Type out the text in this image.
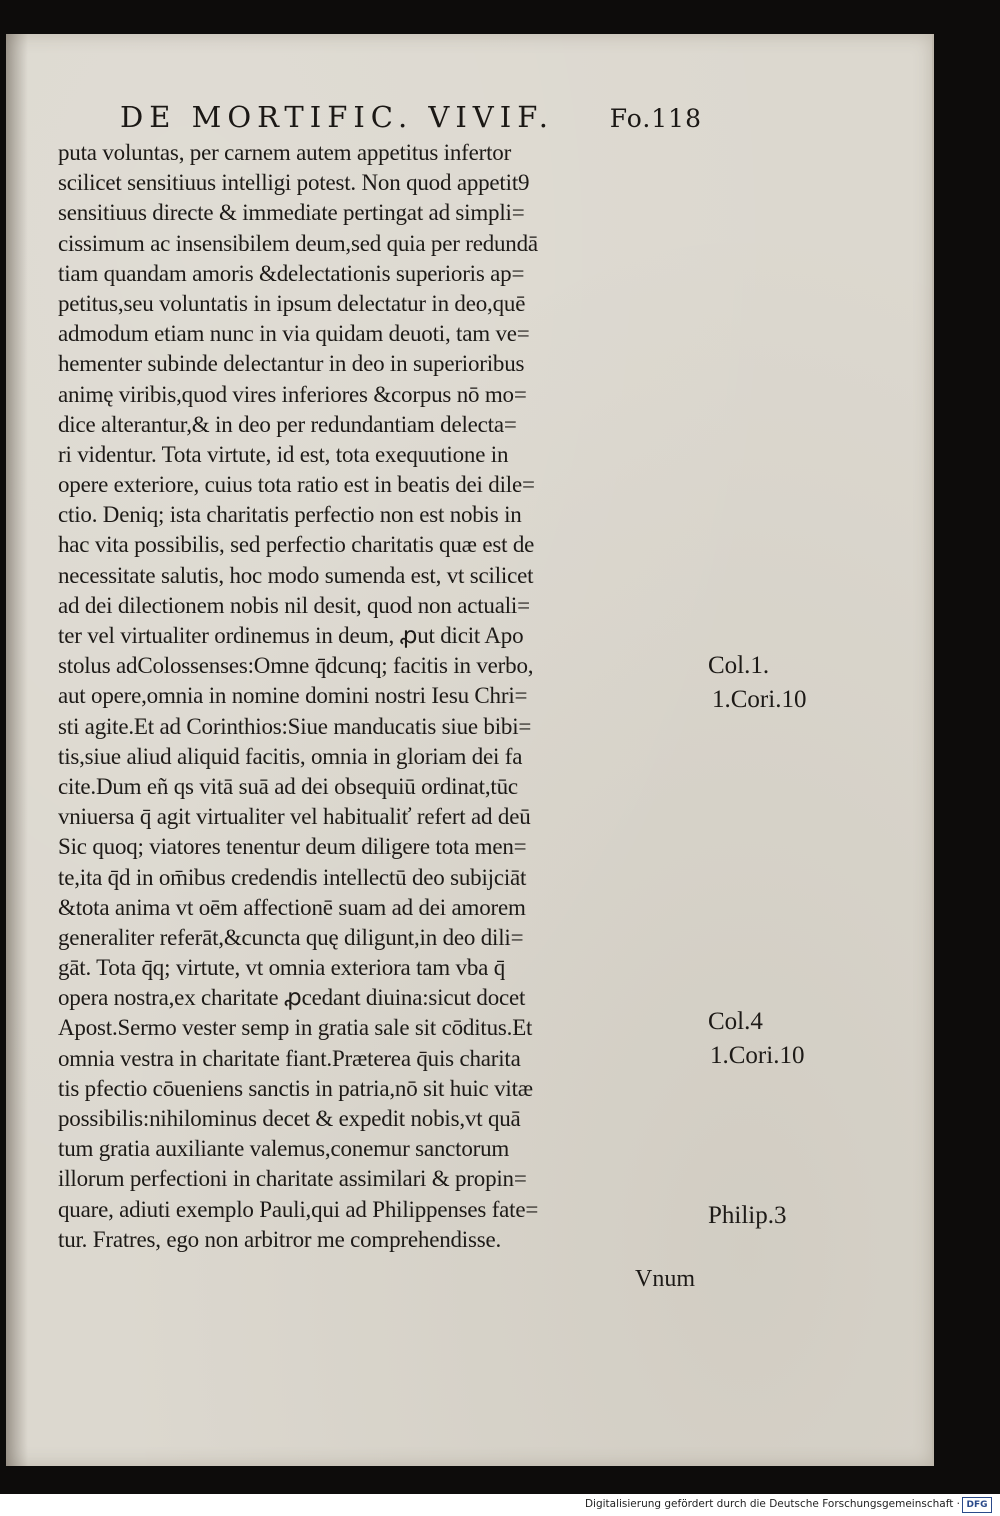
DE MORTIFIC. VIVIF. Fo.118
puta voluntas, per carnem autem appetitus infertor
scilicet sensitiuus intelligi potest. Non quod appetit9
sensitiuus directe & immediate pertingat ad simpli=
cissimum ac insensibilem deum,sed quia per redundā
tiam quandam amoris &delectationis superioris ap=
petitus,seu voluntatis in ipsum delectatur in deo,quē
admodum etiam nunc in via quidam deuoti, tam ve=
hementer subinde delectantur in deo in superioribus
animę viribis,quod vires inferiores &corpus nō mo=
dice alterantur,& in deo per redundantiam delecta=
ri videntur. Tota virtute, id est, tota exequutione in
opere exteriore, cuius tota ratio est in beatis dei dile=
ctio. Deniq; ista charitatis perfectio non est nobis in
hac vita possibilis, sed perfectio charitatis quæ est de
necessitate salutis, hoc modo sumenda est, vt scilicet
ad dei dilectionem nobis nil desit, quod non actuali=
ter vel virtualiter ordinemus in deum, ꝓut dicit Apo
stolus adColossenses:Omne q̄dcunq; facitis in verbo,
aut opere,omnia in nomine domini nostri Iesu Chri=
sti agite.Et ad Corinthios:Siue manducatis siue bibi=
tis,siue aliud aliquid facitis, omnia in gloriam dei fa
cite.Dum eñ qs vitā suā ad dei obsequiū ordinat,tūc
vniuersa q̄ agit virtualiter vel habitualiť refert ad deū
Sic quoq; viatores tenentur deum diligere tota men=
te,ita q̄d in om̄ibus credendis intellectū deo subijciāt
&tota anima vt oēm affectionē suam ad dei amorem
generaliter referāt,&cuncta quę diligunt,in deo dili=
gāt. Tota q̄q; virtute, vt omnia exteriora tam vba q̄
opera nostra,ex charitate ꝓcedant diuina:sicut docet
Apost.Sermo vester semp in gratia sale sit cōditus.Et
omnia vestra in charitate fiant.Præterea q̄uis charita
tis pfectio cōueniens sanctis in patria,nō sit huic vitæ
possibilis:nihilominus decet & expedit nobis,vt quā
tum gratia auxiliante valemus,conemur sanctorum
illorum perfectioni in charitate assimilari & propin=
quare, adiuti exemplo Pauli,qui ad Philippenses fate=
tur. Fratres, ego non arbitror me comprehendisse.
Vnum
Col.1.
1.Cori.10
Col.4
1.Cori.10
Philip.3
Digitalisierung gefördert durch die Deutsche Forschungsgemeinschaft · DFG
